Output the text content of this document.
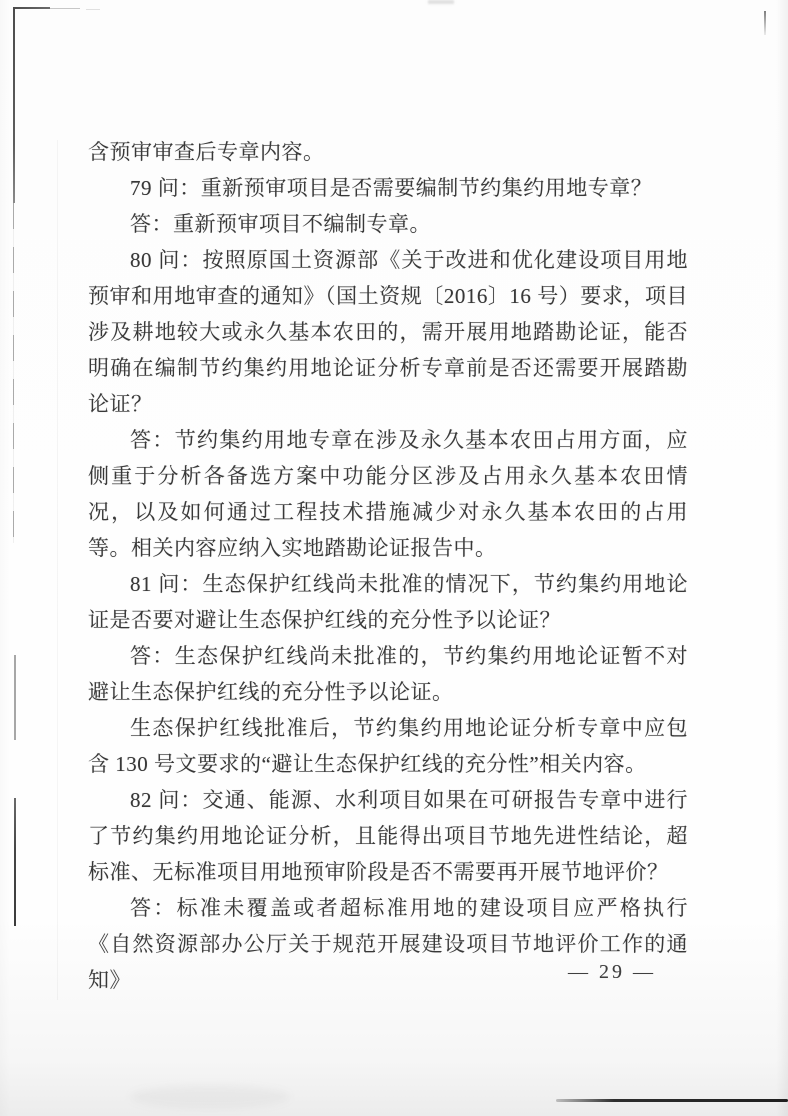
含预审审查后专章内容。

79 问：重新预审项目是否需要编制节约集约用地专章？

答：重新预审项目不编制专章。

80 问：按照原国土资源部《关于改进和优化建设项目用地预审和用地审查的通知》（国土资规〔2016〕16 号）要求，项目涉及耕地较大或永久基本农田的，需开展用地踏勘论证，能否明确在编制节约集约用地论证分析专章前是否还需要开展踏勘论证？

答：节约集约用地专章在涉及永久基本农田占用方面，应侧重于分析各备选方案中功能分区涉及占用永久基本农田情况，以及如何通过工程技术措施减少对永久基本农田的占用等。相关内容应纳入实地踏勘论证报告中。

81 问：生态保护红线尚未批准的情况下，节约集约用地论证是否要对避让生态保护红线的充分性予以论证？

答：生态保护红线尚未批准的，节约集约用地论证暂不对避让生态保护红线的充分性予以论证。

生态保护红线批准后，节约集约用地论证分析专章中应包含 130 号文要求的“避让生态保护红线的充分性”相关内容。

82 问：交通、能源、水利项目如果在可研报告专章中进行了节约集约用地论证分析，且能得出项目节地先进性结论，超标准、无标准项目用地预审阶段是否不需要再开展节地评价？

答：标准未覆盖或者超标准用地的建设项目应严格执行《自然资源部办公厅关于规范开展建设项目节地评价工作的通知》	— 29 —
